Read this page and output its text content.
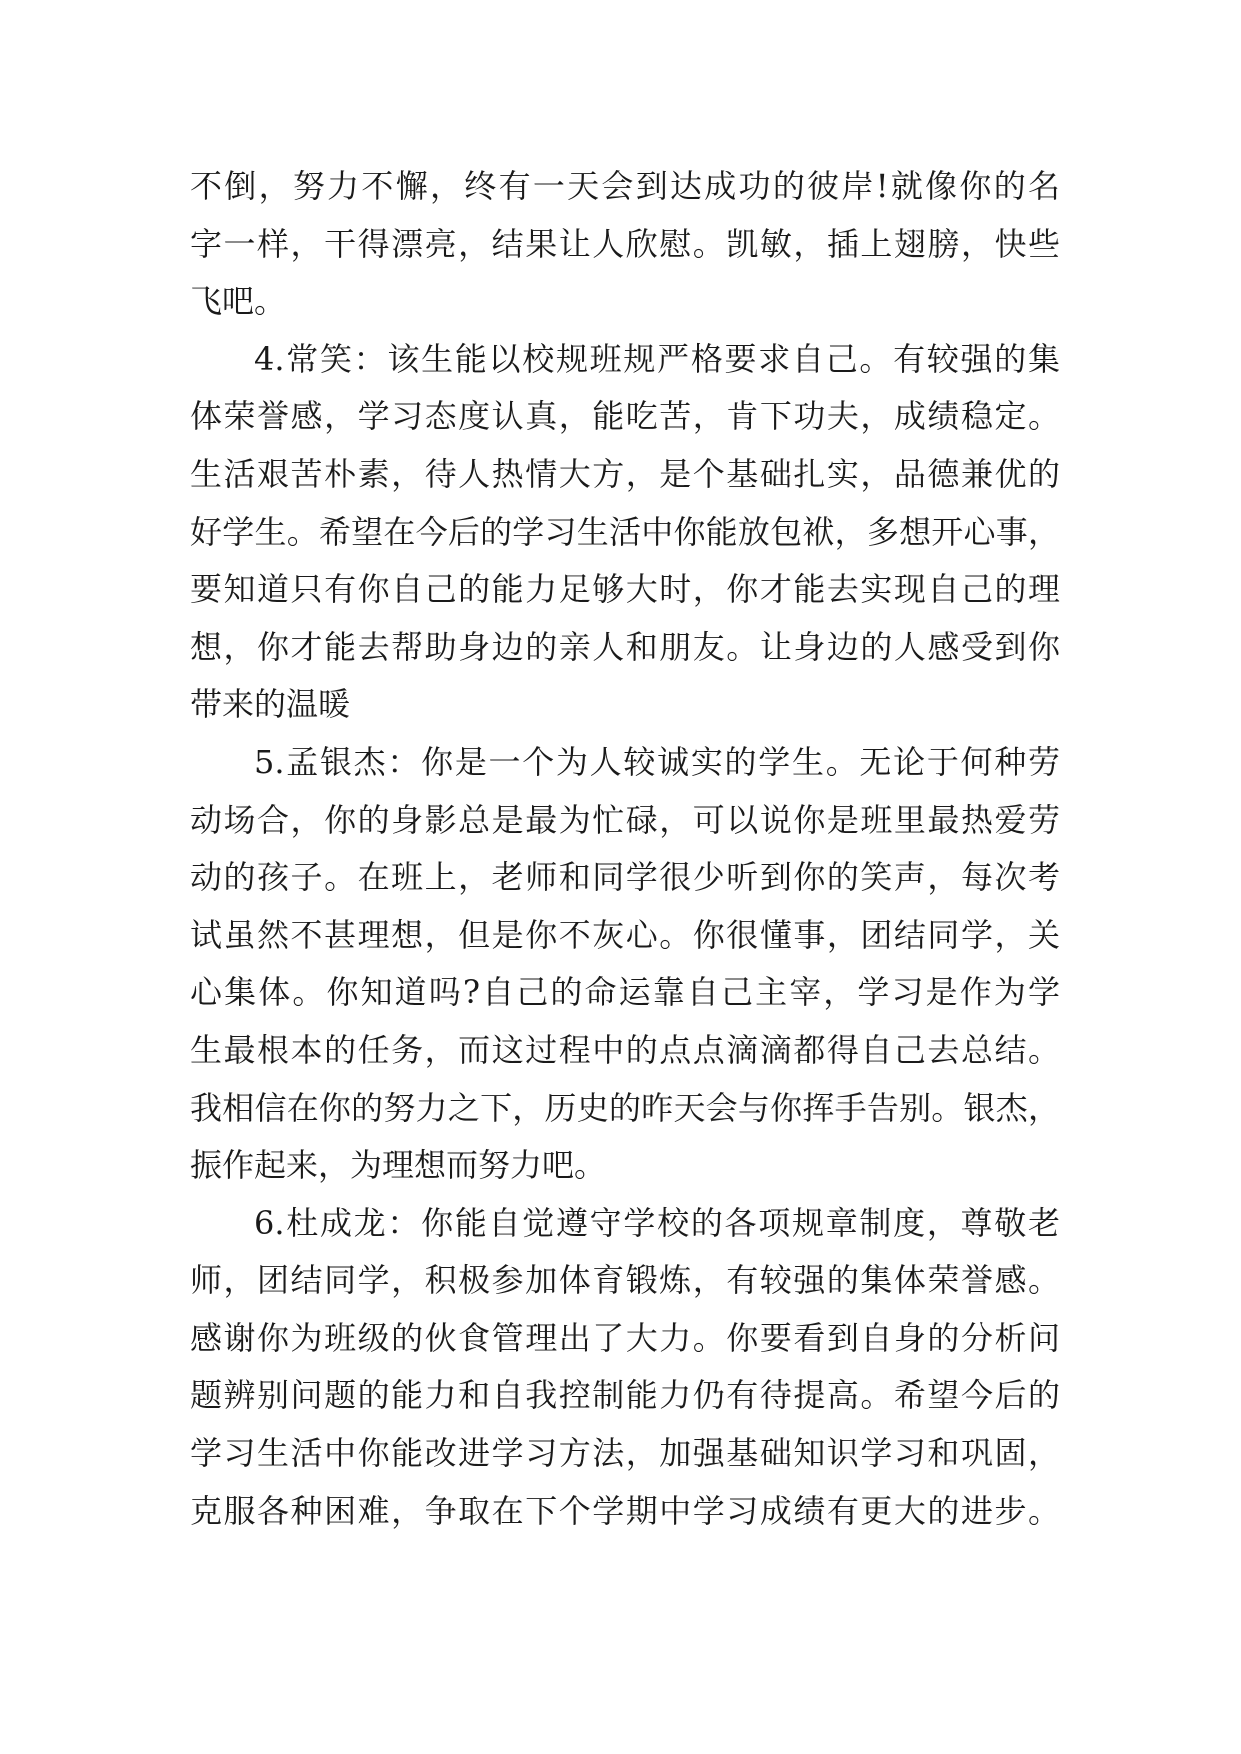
不倒，努力不懈，终有一天会到达成功的彼岸!就像你的名
字一样，干得漂亮，结果让人欣慰。凯敏，插上翅膀，快些
飞吧。
4.常笑：该生能以校规班规严格要求自己。有较强的集
体荣誉感，学习态度认真，能吃苦，肯下功夫，成绩稳定。
生活艰苦朴素，待人热情大方，是个基础扎实，品德兼优的
好学生。希望在今后的学习生活中你能放包袱，多想开心事，
要知道只有你自己的能力足够大时，你才能去实现自己的理
想，你才能去帮助身边的亲人和朋友。让身边的人感受到你
带来的温暖
5.孟银杰：你是一个为人较诚实的学生。无论于何种劳
动场合，你的身影总是最为忙碌，可以说你是班里最热爱劳
动的孩子。在班上，老师和同学很少听到你的笑声，每次考
试虽然不甚理想，但是你不灰心。你很懂事，团结同学，关
心集体。你知道吗?自己的命运靠自己主宰，学习是作为学
生最根本的任务，而这过程中的点点滴滴都得自己去总结。
我相信在你的努力之下，历史的昨天会与你挥手告别。银杰，
振作起来，为理想而努力吧。
6.杜成龙：你能自觉遵守学校的各项规章制度，尊敬老
师，团结同学，积极参加体育锻炼，有较强的集体荣誉感。
感谢你为班级的伙食管理出了大力。你要看到自身的分析问
题辨别问题的能力和自我控制能力仍有待提高。希望今后的
学习生活中你能改进学习方法，加强基础知识学习和巩固，
克服各种困难，争取在下个学期中学习成绩有更大的进步。
